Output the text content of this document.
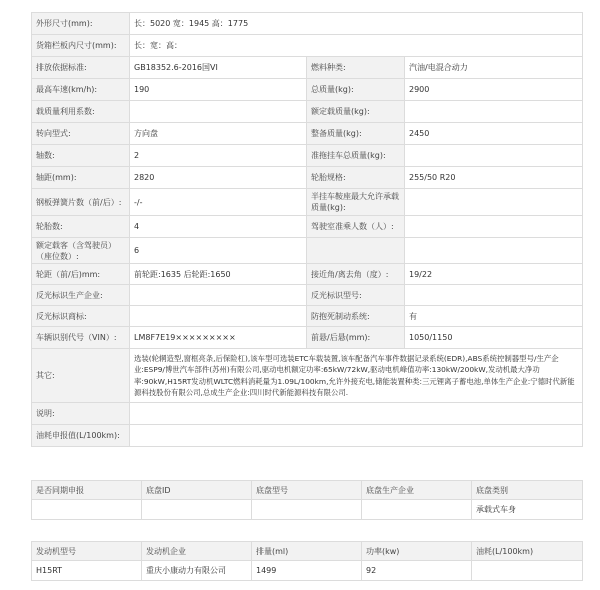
外形尺寸(mm):	长：5020 宽：1945 高：1775		
货箱栏板内尺寸(mm):	长：宽：高：		
排放依据标准:	GB18352.6-2016国VI	燃料种类:	汽油/电混合动力
最高车速(km/h):	190	总质量(kg):	2900
载质量利用系数:		额定载质量(kg):	
转向型式:	方向盘	整备质量(kg):	2450
轴数:	2	准拖挂车总质量(kg):	
轴距(mm):	2820	轮胎规格:	255/50 R20
钢板弹簧片数（前/后）:	-/-	半挂车鞍座最大允许承载质量(kg):	
轮胎数:	4	驾驶室准乘人数（人）:	
额定载客（含驾驶员）（座位数）:	6		
轮距（前/后)mm:	前轮距:1635 后轮距:1650	接近角/离去角（度）:	19/22
反光标识生产企业:		反光标识型号:	
反光标识商标:		防抱死制动系统:	有
车辆识别代号（VIN）:	LM8F7E19×××××××××	前悬/后悬(mm):	1050/1150
其它:	选装(轮辋造型,窗框亮条,后保险杠),该车型可选装ETC车载装置,该车配备汽车事件数据记录系统(EDR),ABS系统控制器型号/生产企业:ESP9/博世汽车部件(苏州)有限公司,驱动电机额定功率:65kW/72kW,驱动电机峰值功率:130kW/200kW,发动机最大净功率:90kW,H15RT发动机WLTC燃料消耗量为1.09L/100km,允许外接充电,储能装置种类:三元锂离子蓄电池,单体生产企业:宁德时代新能源科技股份有限公司,总成生产企业:四川时代新能源科技有限公司.		
说明:			
油耗申报值(L/100km):			
是否同期申报	底盘ID	底盘型号	底盘生产企业	底盘类别
				承载式车身
发动机型号	发动机企业	排量(ml)	功率(kw)	油耗(L/100km)
H15RT	重庆小康动力有限公司	1499	92	
